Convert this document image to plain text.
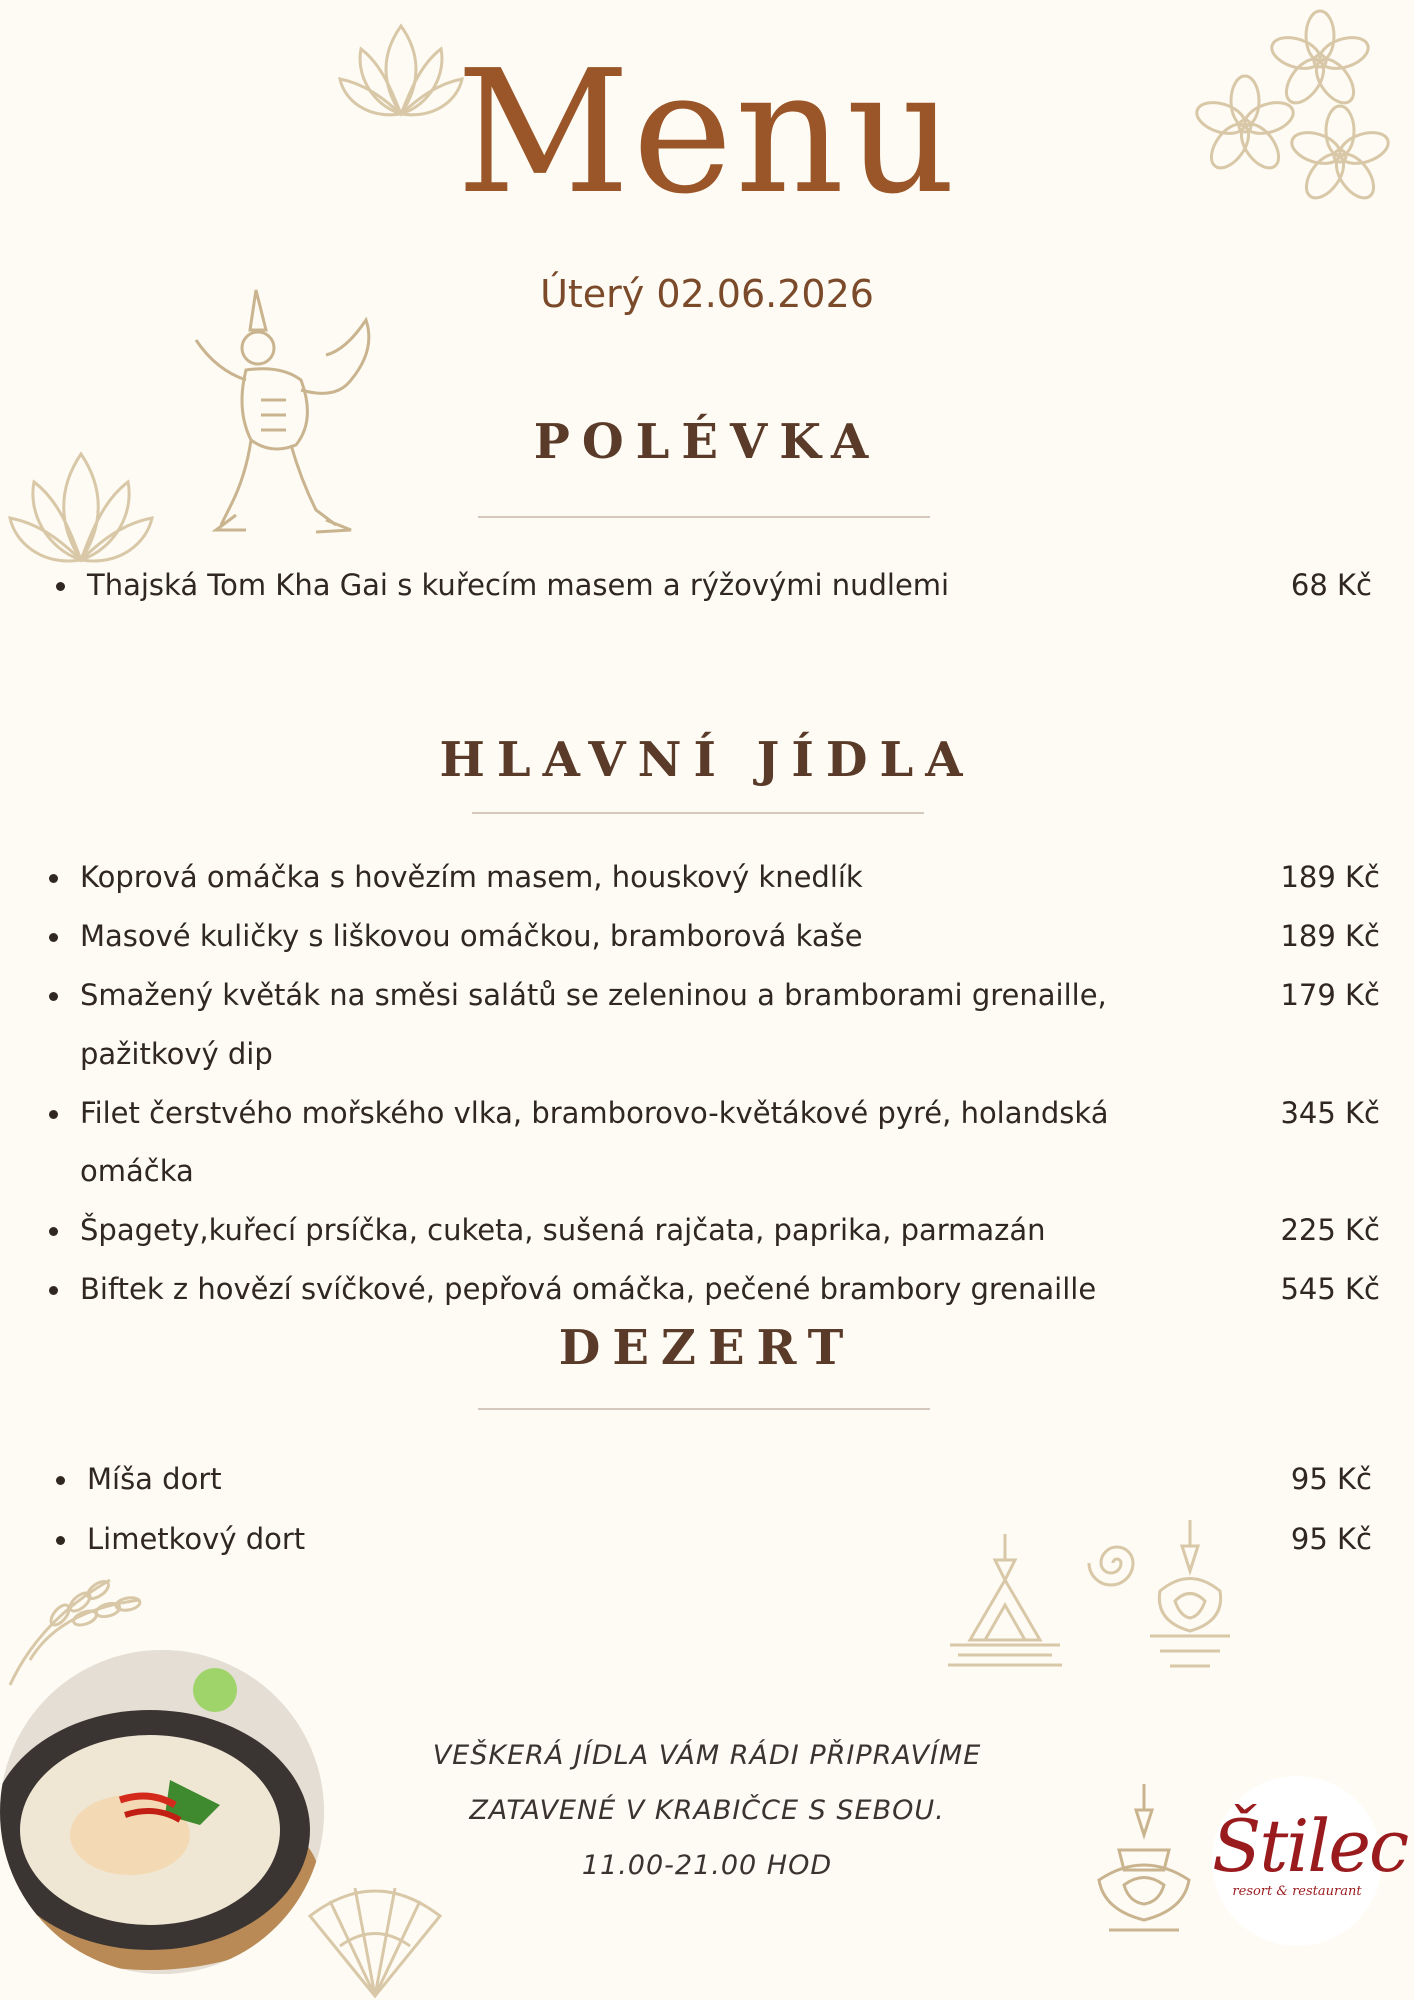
Menu
Úterý 02.06.2026
POLÉVKA
Thajská Tom Kha Gai s kuřecím masem a rýžovými nudlemi	68 Kč
HLAVNÍ JÍDLA
Koprová omáčka s hovězím masem, houskový knedlík	189 Kč
Masové kuličky s liškovou omáčkou, bramborová kaše	189 Kč
Smažený květák na směsi salátů se zeleninou a bramborami grenaille,	179 Kč
pažitkový dip
Filet čerstvého mořského vlka, bramborovo-květákové pyré, holandská	345 Kč
omáčka
Špagety,kuřecí prsíčka, cuketa, sušená rajčata, paprika, parmazán	225 Kč
Biftek z hovězí svíčkové, pepřová omáčka, pečené brambory grenaille	545 Kč
DEZERT
Míša dort	95 Kč
Limetkový dort	95 Kč
VEŠKERÁ JÍDLA VÁM RÁDI PŘIPRAVÍME
ZATAVENÉ V KRABIČCE S SEBOU.
11.00-21.00 HOD	Štilec
resort & restaurant
